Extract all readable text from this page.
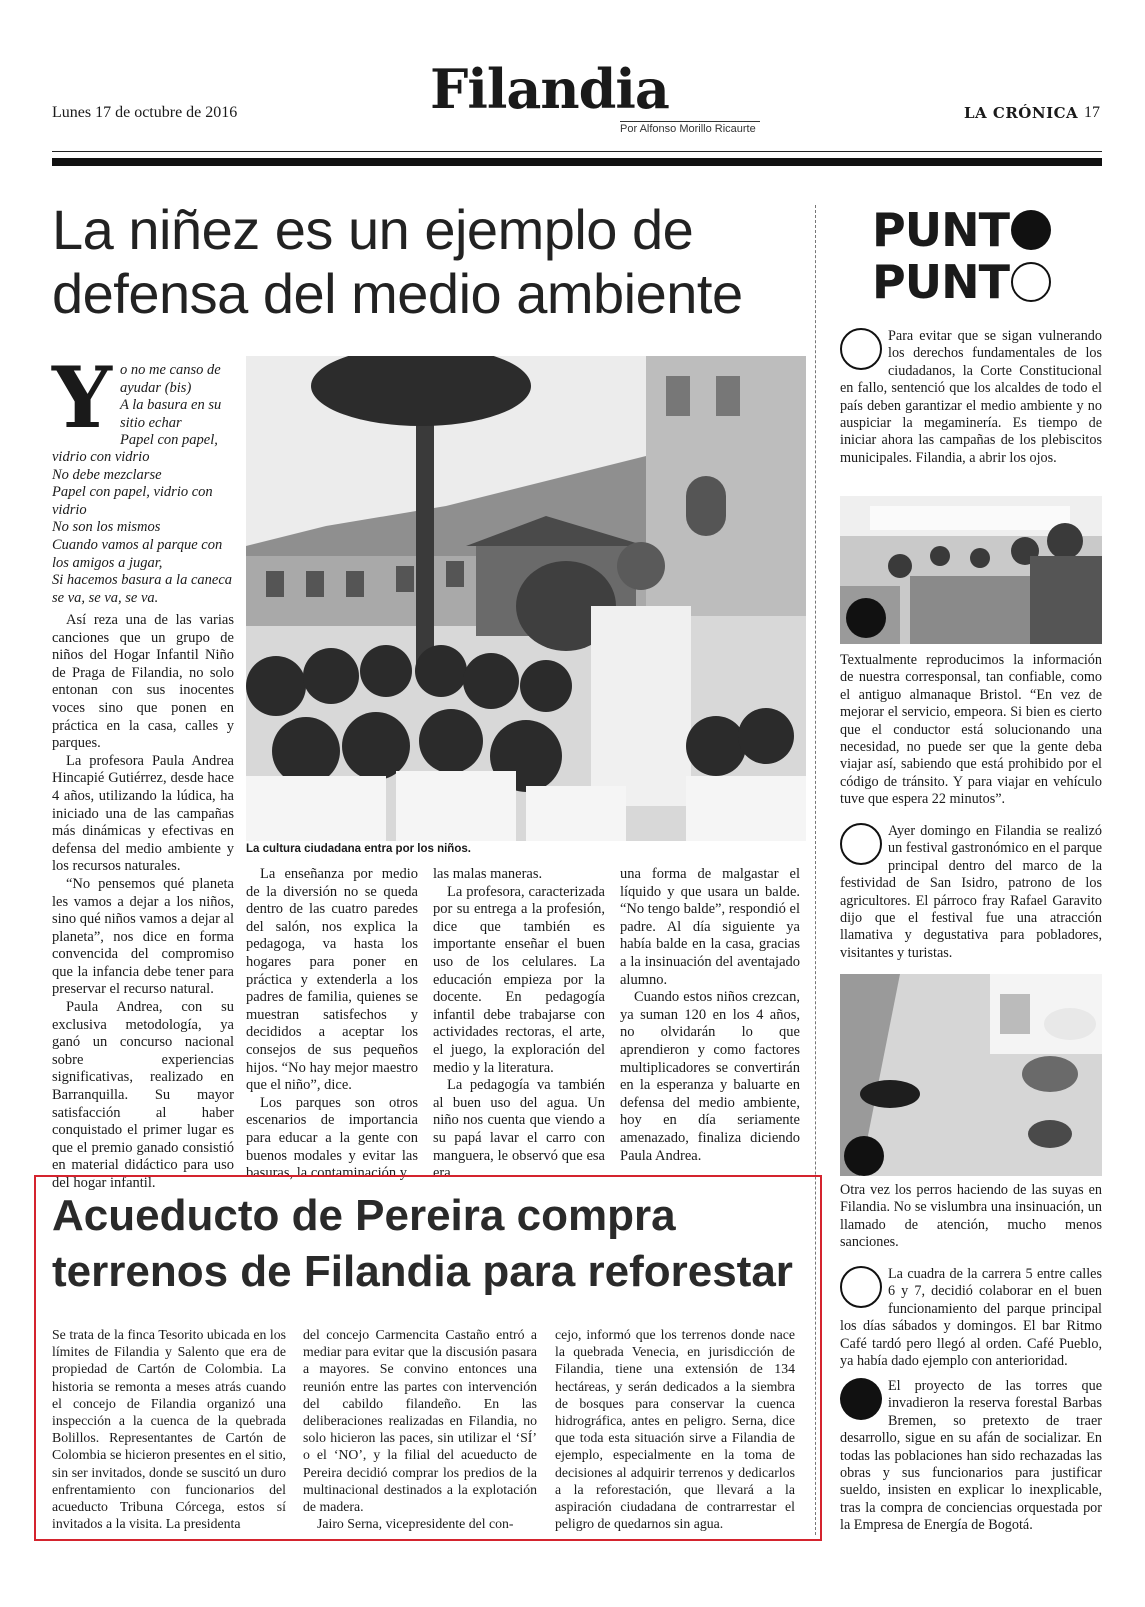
Lunes 17 de octubre de 2016	Filandia
Por Alfonso Morillo Ricaurte
LA CRÓNICA 17
La niñez es un ejemplo de defensa del medio ambiente
Y o no me canso de
ayudar (bis)
A la basura en su
sitio echar
Papel con papel,
vidrio con vidrio
No debe mezclarse
Papel con papel, vidrio con vidrio
No son los mismos
Cuando vamos al parque con los amigos a jugar,
Si hacemos basura a la caneca se va, se va, se va.

Así reza una de las varias canciones que un grupo de niños del Hogar Infantil Niño de Praga de Filandia, no solo entonan con sus inocentes voces sino que ponen en práctica en la casa, calles y parques.

La profesora Paula Andrea Hincapié Gutiérrez, desde hace 4 años, utilizando la lúdica, ha iniciado una de las campañas más dinámicas y efectivas en defensa del medio ambiente y los recursos naturales.

“No pensemos qué planeta les vamos a dejar a los niños, sino qué niños vamos a dejar al planeta”, nos dice en forma convencida del compromiso que la infancia debe tener para preservar el recurso natural.

Paula Andrea, con su exclusiva metodología, ya ganó un concurso nacional sobre experiencias significativas, realizado en Barranquilla. Su mayor satisfacción al haber conquistado el primer lugar es que el premio ganado consistió en material didáctico para uso del hogar infantil.

La cultura ciudadana entra por los niños.

La enseñanza por medio de la diversión no se queda dentro de las cuatro paredes del salón, nos explica la pedagoga, va hasta los hogares para poner en práctica y extenderla a los padres de familia, quienes se muestran satisfechos y decididos a aceptar los consejos de sus pequeños hijos. “No hay mejor maestro que el niño”, dice.

Los parques son otros escenarios de importancia para educar a la gente con buenos modales y evitar las basuras, la contaminación y

las malas maneras.

La profesora, caracterizada por su entrega a la profesión, dice que también es importante enseñar el buen uso de los celulares. La educación empieza por la docente. En pedagogía infantil debe trabajarse con actividades rectoras, el arte, el juego, la exploración del medio y la literatura.

La pedagogía va también al buen uso del agua. Un niño nos cuenta que viendo a su papá lavar el carro con manguera, le observó que esa era

una forma de malgastar el líquido y que usara un balde. “No tengo balde”, respondió el padre. Al día siguiente ya había balde en la casa, gracias a la insinuación del aventajado alumno.

Cuando estos niños crezcan, ya suman 120 en los 4 años, no olvidarán lo que aprendieron y como factores multiplicadores se convertirán en la esperanza y baluarte en defensa del medio ambiente, hoy en día seriamente amenazado, finaliza diciendo Paula Andrea.

Acueducto de Pereira compra terrenos de Filandia para reforestar

Se trata de la finca Tesorito ubicada en los límites de Filandia y Salento que era de propiedad de Cartón de Colombia. La historia se remonta a meses atrás cuando el concejo de Filandia organizó una inspección a la cuenca de la quebrada Bolillos. Representantes de Cartón de Colombia se hicieron presentes en el sitio, sin ser invitados, donde se suscitó un duro enfrentamiento con funcionarios del acueducto Tribuna Córcega, estos sí invitados a la visita. La presidenta

del concejo Carmencita Castaño entró a mediar para evitar que la discusión pasara a mayores. Se convino entonces una reunión entre las partes con intervención del cabildo filandeño. En las deliberaciones realizadas en Filandia, no solo hicieron las paces, sin utilizar el ‘SÍ’ o el ‘NO’, y la filial del acueducto de Pereira decidió comprar los predios de la multinacional destinados a la explotación de madera.

Jairo Serna, vicepresidente del con-

cejo, informó que los terrenos donde nace la quebrada Venecia, en jurisdicción de Filandia, tiene una extensión de 134 hectáreas, y serán dedicados a la siembra de bosques para conservar la cuenca hidrográfica, antes en peligro. Serna, dice que toda esta situación sirve a Filandia de ejemplo, especialmente en la toma de decisiones al adquirir terrenos y dedicarlos a la reforestación, que llevará a la aspiración ciudadana de contrarrestar el peligro de quedarnos sin agua.

PUNT
PUNT
Para evitar que se sigan vulnerando los derechos fundamentales de los ciudadanos, la Corte Constitucional en fallo, sentenció que los alcaldes de todo el país deben garantizar el medio ambiente y no auspiciar la megaminería. Es tiempo de iniciar ahora las campañas de los plebiscitos municipales. Filandia, a abrir los ojos.
Textualmente reproducimos la información de nuestra corresponsal, tan confiable, como el antiguo almanaque Bristol. “En vez de mejorar el servicio, empeora. Si bien es cierto que el conductor está solucionando una necesidad, no puede ser que la gente deba viajar así, sabiendo que está prohibido por el código de tránsito. Y para viajar en vehículo tuve que espera 22 minutos”.
Ayer domingo en Filandia se realizó un festival gastronómico en el parque principal dentro del marco de la festividad de San Isidro, patrono de los agricultores. El párroco fray Rafael Garavito dijo que el festival fue una atracción llamativa y degustativa para pobladores, visitantes y turistas.
Otra vez los perros haciendo de las suyas en Filandia. No se vislumbra una insinuación, un llamado de atención, mucho menos sanciones.
La cuadra de la carrera 5 entre calles 6 y 7, decidió colaborar en el buen funcionamiento del parque principal los días sábados y domingos. El bar Ritmo Café tardó pero llegó al orden. Café Pueblo, ya había dado ejemplo con anterioridad.
El proyecto de las torres que invadieron la reserva forestal Barbas Bremen, so pretexto de traer desarrollo, sigue en su afán de socializar. En todas las poblaciones han sido rechazadas las obras y sus funcionarios para justificar sueldo, insisten en explicar lo inexplicable, tras la compra de conciencias orquestada por la Empresa de Energía de Bogotá.
